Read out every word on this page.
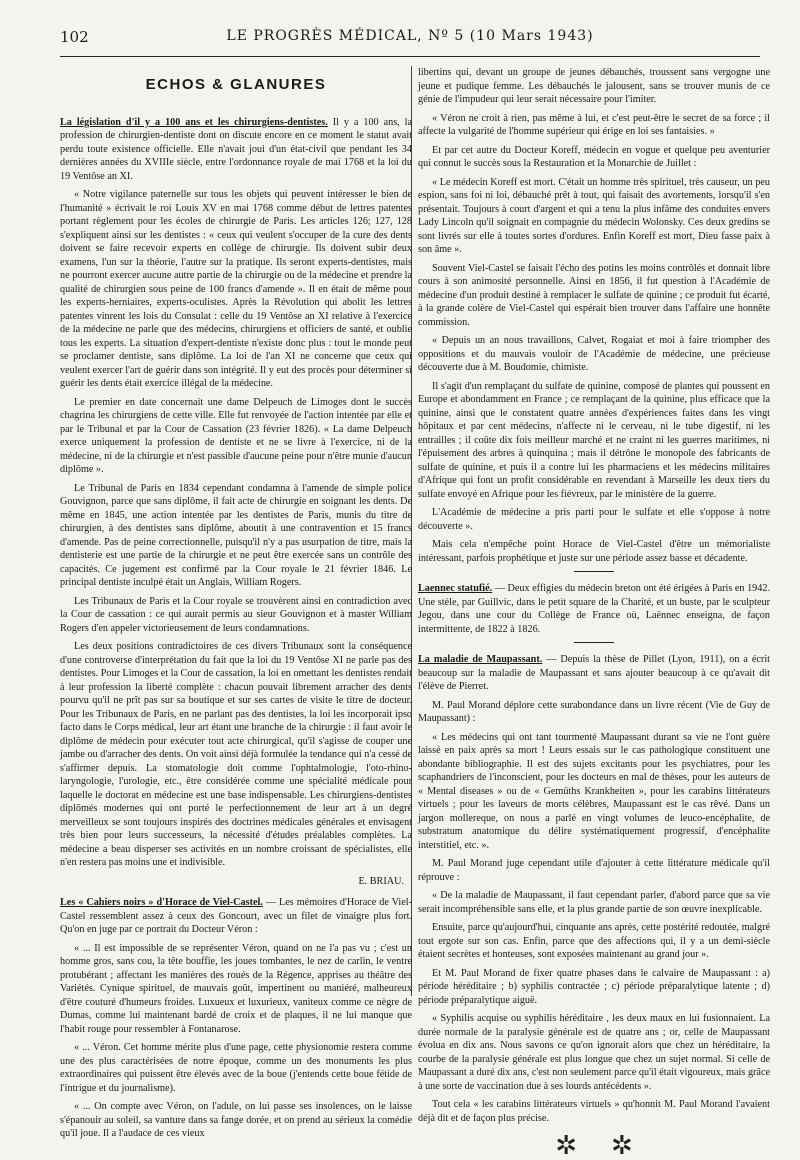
102	LE PROGRÈS MÉDICAL, Nº 5 (10 Mars 1943)
ECHOS & GLANURES

La législation d'il y a 100 ans et les chirurgiens-dentistes. Il y a 100 ans, la profession de chirurgien-dentiste dont on discute encore en ce moment le statut avait perdu toute existence officielle. Elle n'avait joui d'un état-civil que pendant les 34 dernières années du XVIIIe siècle, entre l'ordonnance royale de mai 1768 et la loi du 19 Ventôse an XI.

« Notre vigilance paternelle sur tous les objets qui peuvent intéresser le bien de l'humanité » écrivait le roi Louis XV en mai 1768 comme début de lettres patentes portant règlement pour les écoles de chirurgie de Paris. Les articles 126; 127, 128 s'expliquent ainsi sur les dentistes : « ceux qui veulent s'occuper de la cure des dents doivent se faire recevoir experts en collège de chirurgie. Ils doivent subir deux examens, l'un sur la théorie, l'autre sur la pratique. Ils seront experts-dentistes, mais ne pourront exercer aucune autre partie de la chirurgie ou de la médecine et prendre la qualité de chirurgien sous peine de 100 francs d'amende ». Il en était de même pour les experts-herniaires, experts-oculistes. Après la Révolution qui abolit les lettres patentes vinrent les lois du Consulat : celle du 19 Ventôse an XI relative à l'exercice de la médecine ne parle que des médecins, chirurgiens et officiers de santé, et oublie tous les experts. La situation d'expert-dentiste n'existe donc plus : tout le monde peut se proclamer dentiste, sans diplôme. La loi de l'an XI ne concerne que ceux qui veulent exercer l'art de guérir dans son intégrité. Il y eut des procès pour déterminer si guérir les dents était exercice illégal de la médecine.

Le premier en date concernait une dame Delpeuch de Limoges dont le succès chagrina les chirurgiens de cette ville. Elle fut renvoyée de l'action intentée par elle et par le Tribunal et par la Cour de Cassation (23 février 1826). « La dame Delpeuch exerce uniquement la profession de dentiste et ne se livre à l'exercice, ni de la médecine, ni de la chirurgie et n'est passible d'aucune peine pour n'être munie d'aucun diplôme ».

Le Tribunal de Paris en 1834 cependant condamna à l'amende de simple police Gouvignon, parce que sans diplôme, il fait acte de chirurgie en soignant les dents. De même en 1845, une action intentée par les dentistes de Paris, munis du titre de chirurgien, à des dentistes sans diplôme, aboutit à une contravention et 15 francs d'amende. Pas de peine correctionnelle, puisqu'il n'y a pas usurpation de titre, mais la dentisterie est une partie de la chirurgie et ne peut être exercée sans un contrôle des capacités. Ce jugement est confirmé par la Cour royale le 21 février 1846. Le principal dentiste inculpé était un Anglais, William Rogers.

Les Tribunaux de Paris et la Cour royale se trouvèrent ainsi en contradiction avec la Cour de cassation : ce qui aurait permis au sieur Gouvignon et à master William Rogers d'en appeler victorieusement de leurs condamnations.

Les deux positions contradictoires de ces divers Tribunaux sont la conséquence d'une controverse d'interprétation du fait que la loi du 19 Ventôse XI ne parle pas des dentistes. Pour Limoges et la Cour de cassation, la loi en omettant les dentistes rendait à leur profession la liberté complète : chacun pouvait librement arracher des dents pourvu qu'il ne prît pas sur sa boutique et sur ses cartes de visite le titre de docteur. Pour les Tribunaux de Paris, en ne parlant pas des dentistes, la loi les incorporait ipso facto dans le Corps médical, leur art étant une branche de la chirurgie : il faut avoir le diplôme de médecin pour exécuter tout acte chirurgical, qu'il s'agisse de couper une jambe ou d'arracher des dents. On voit ainsi déjà formulée la tendance qui n'a cessé de s'affirmer depuis. La stomatologie doit comme l'ophtalmologie, l'oto-rhino-laryngologie, l'urologie, etc., être considérée comme une spécialité médicale pour laquelle le doctorat en médecine est une base indispensable. Les chirurgiens-dentistes diplômés modernes qui ont porté le perfectionnement de leur art à un degré merveilleux se sont toujours inspirés des doctrines médicales générales et envisagent très bien pour leurs successeurs, la nécessité d'études préalables complètes. La médecine a beau disperser ses activités en un nombre croissant de spécialistes, elle n'en restera pas moins une et indivisible.

E. BRIAU.

Les « Cahiers noirs » d'Horace de Viel-Castel. — Les mémoires d'Horace de Viel-Castel ressemblent assez à ceux des Goncourt, avec un filet de vinaigre plus fort. Qu'on en juge par ce portrait du Docteur Véron :

« ... Il est impossible de se représenter Véron, quand on ne l'a pas vu ; c'est un homme gros, sans cou, la tête bouffie, les joues tombantes, le nez de carlin, le ventre protubérant ; affectant les manières des roués de la Régence, apprises au théâtre des Variétés. Cynique spirituel, de mauvais goût, impertinent ou maniéré, malheureux d'être couturé d'humeurs froides. Luxueux et luxurieux, vaniteux comme ce nègre de Dumas, comme lui maintenant bardé de croix et de plaques, il ne lui manque que l'habit rouge pour ressembler à Fontanarose.

« ... Véron. Cet homme mérite plus d'une page, cette physionomie restera comme une des plus caractérisées de notre époque, comme un des monuments les plus extraordinaires qui puissent être élevés avec de la boue (j'entends cette boue fétide de l'intrigue et du journalisme).

« ... On compte avec Véron, on l'adule, on lui passe ses insolences, on le laisse s'épanouir au soleil, sa vanture dans sa fange dorée, et on prend au sérieux la comédie qu'il joue. Il a l'audace de ces vieux

libertins qui, devant un groupe de jeunes débauchés, troussent sans vergogne une jeune et pudique femme. Les débauchés le jalousent, sans se trouver munis de ce génie de l'impudeur qui leur serait nécessaire pour l'imiter.

« Véron ne croit à rien, pas même à lui, et c'est peut-être le secret de sa force ; il affecte la vulgarité de l'homme supérieur qui érige en loi ses fantaisies. »

Et par cet autre du Docteur Koreff, médecin en vogue et quelque peu aventurier qui connut le succès sous la Restauration et la Monarchie de Juillet :

« Le médecin Koreff est mort. C'était un homme très spirituel, très causeur, un peu espion, sans foi ni loi, débauché prêt à tout, qui faisait des avortements, lorsqu'il s'en présentait. Toujours à court d'argent et qui a tenu la plus infâme des conduites envers Lady Lincoln qu'il soignait en compagnie du médecin Wolonsky. Ces deux gredins se sont livrés sur elle à toutes sortes d'ordures. Enfin Koreff est mort, Dieu fasse paix à son âme ».

Souvent Viel-Castel se faisait l'écho des potins les moins contrôlés et donnait libre cours à son animosité personnelle. Ainsi en 1856, il fut question à l'Académie de médecine d'un produit destiné à remplacer le sulfate de quinine ; ce produit fut écarté, à la grande colère de Viel-Castel qui espérait bien trouver dans l'affaire une honnête commission.

« Depuis un an nous travaillons, Calvet, Rogaiat et moi à faire triompher des oppositions et du mauvais vouloir de l'Académie de médecine, une précieuse découverte due à M. Boudomie, chimiste.

Il s'agit d'un remplaçant du sulfate de quinine, composé de plantes qui poussent en Europe et abondamment en France ; ce remplaçant de la quinine, plus efficace que la quinine, ainsi que le constatent quatre années d'expériences faites dans les vingt hôpitaux et par cent médecins, n'affecte ni le cerveau, ni le tube digestif, ni les entrailles ; il coûte dix fois meilleur marché et ne craint ni les guerres maritimes, ni l'épuisement des arbres à quinquina ; mais il détrône le monopole des fabricants de sulfate de quinine, et puis il a contre lui les pharmaciens et les médecins militaires d'Afrique qui font un profit considérable en revendant à Marseille les deux tiers du sulfate envoyé en Afrique pour les fiévreux, par le ministère de la guerre.

L'Académie de médecine a pris parti pour le sulfate et elle s'oppose à notre découverte ».

Mais cela n'empêche point Horace de Viel-Castel d'être un mémorialiste intéressant, parfois prophétique et juste sur une période assez basse et décadente.

Laennec statufié. — Deux effigies du médecin breton ont été érigées à Paris en 1942. Une stèle, par Guillvic, dans le petit square de la Charité, et un buste, par le sculpteur Jegou, dans une cour du Collège de France où, Laënnec enseigna, de façon intermittente, de 1822 à 1826.

La maladie de Maupassant. — Depuis la thèse de Pillet (Lyon, 1911), on a écrit beaucoup sur la maladie de Maupassant et sans ajouter beaucoup à ce qu'avait dit l'élève de Pierret.

M. Paul Morand déplore cette surabondance dans un livre récent (Vie de Guy de Maupassant) :

« Les médecins qui ont tant tourmenté Maupassant durant sa vie ne l'ont guère laissé en paix après sa mort ! Leurs essais sur le cas pathologique constituent une abondante bibliographie. Il est des sujets excitants pour les psychiatres, pour les scaphandriers de l'inconscient, pour les docteurs en mal de thèses, pour les auteurs de « Mental diseases » ou de « Gemüths Krankheiten », pour les carabins littérateurs virtuels ; pour les laveurs de morts célèbres, Maupassant est le cas rêvé. Dans un jargon mollereque, on nous a parlé en vingt volumes de leuco-encéphalite, de substratum anatomique du délire systématiquement progressif, d'encéphalite interstitiel, etc. ».

M. Paul Morand juge cependant utile d'ajouter à cette littérature médicale qu'il réprouve :

« De la maladie de Maupassant, il faut cependant parler, d'abord parce que sa vie serait incompréhensible sans elle, et la plus grande partie de son œuvre inexplicable.

Ensuite, parce qu'aujourd'hui, cinquante ans après, cette postérité redoutée, malgré tout ergote sur son cas. Enfin, parce que des affections qui, il y a un demi-siècle étaient secrètes et honteuses, sont exposées maintenant au grand jour ».

Et M. Paul Morand de fixer quatre phases dans le calvaire de Maupassant : a) période héréditaire ; b) syphilis contractée ; c) période préparalytique latente ; d) période préparalytique aiguë.

« Syphilis acquise ou syphilis héréditaire , les deux maux en lui fusionnaient. La durée normale de la paralysie générale est de quatre ans ; or, celle de Maupassant évolua en dix ans. Nous savons ce qu'on ignorait alors que chez un héréditaire, la courbe de la paralysie générale est plus longue que chez un sujet normal. Si celle de Maupassant a duré dix ans, c'est non seulement parce qu'il était vigoureux, mais grâce à une sorte de vaccination due à ses lourds antécédents ».

Tout cela « les carabins littérateurs virtuels » qu'honnit M. Paul Morand l'avaient déjà dit et de façon plus précise.

✲ ✲
